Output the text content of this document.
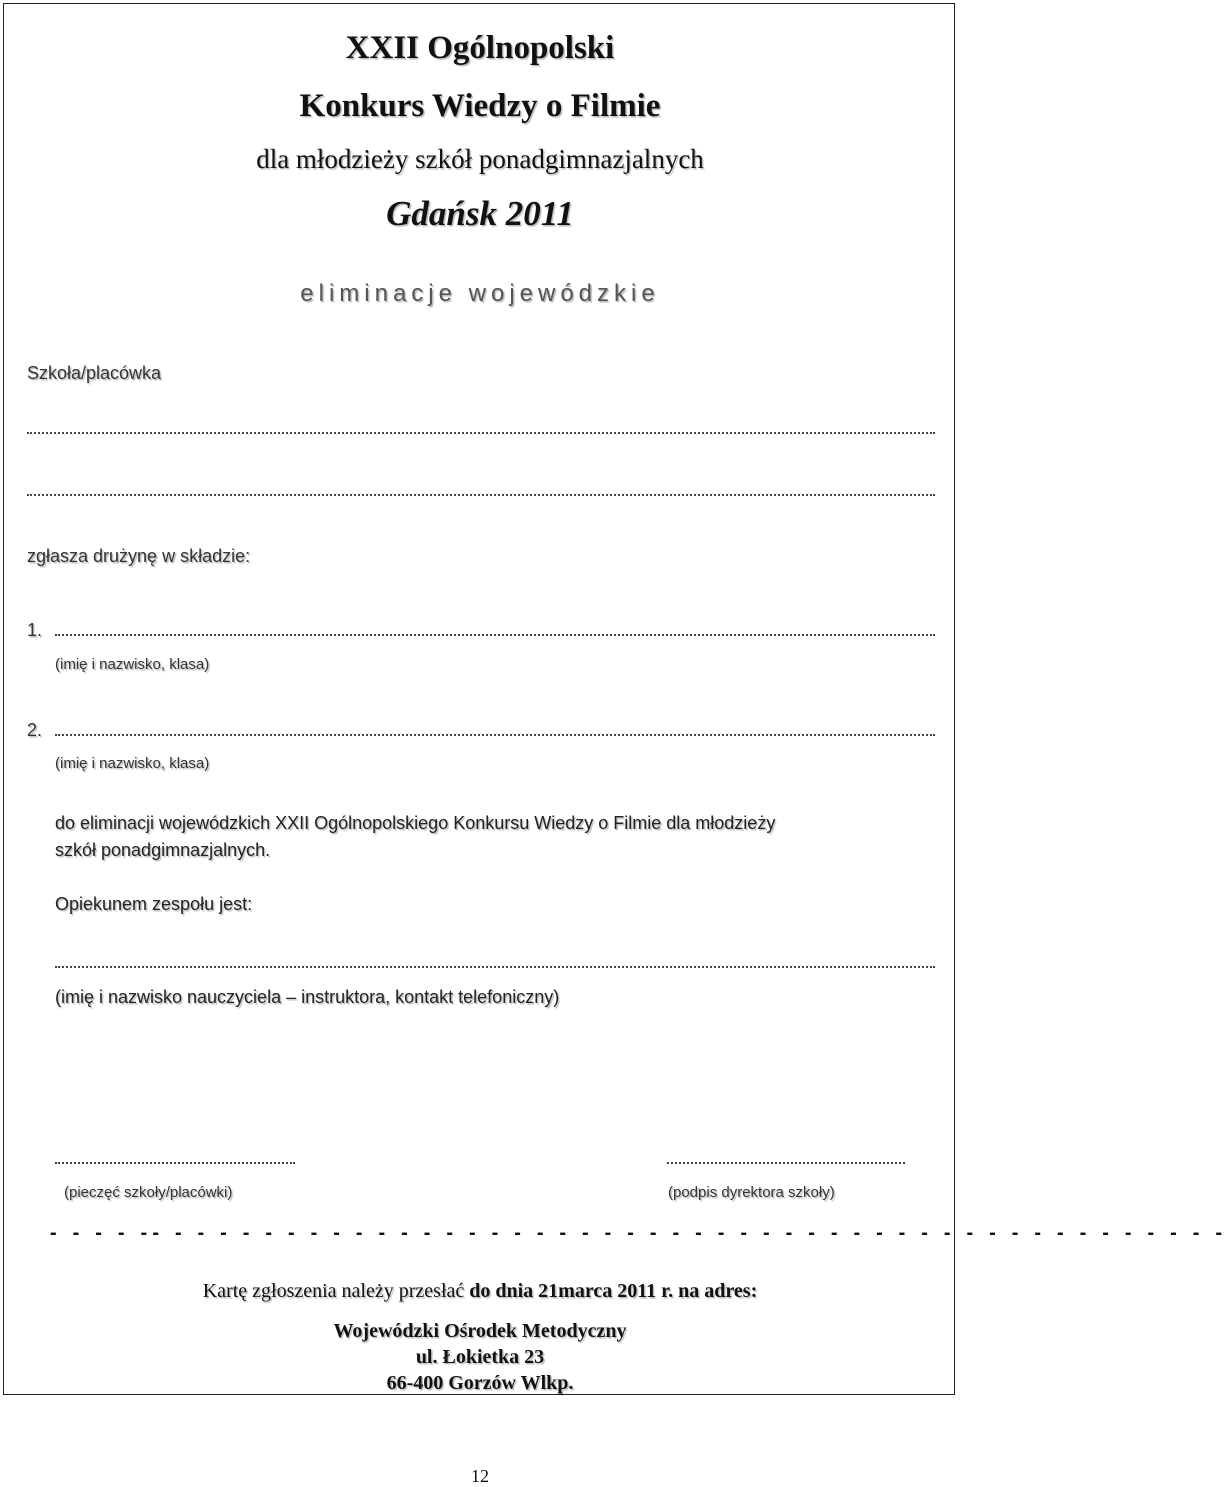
XXII Ogólnopolski
Konkurs Wiedzy o Filmie
dla młodzieży szkół ponadgimnazjalnych
Gdańsk 2011
eliminacje wojewódzkie
Szkoła/placówka
zgłasza drużynę w składzie:
1.
(imię i nazwisko, klasa)
2.
(imię i nazwisko, klasa)
do eliminacji wojewódzkich XXII Ogólnopolskiego Konkursu Wiedzy o Filmie dla młodzieży
szkół ponadgimnazjalnych.
Opiekunem zespołu jest:
(imię i nazwisko nauczyciela – instruktora, kontakt telefoniczny)
(pieczęć szkoły/placówki)	(podpis dyrektora szkoły)
- - - - -- - - - - - - - - - - - - - - - - - - - - - - - - - - - - - - - - - - - - - - - - - - - - - - -
Kartę zgłoszenia należy przesłać do dnia 21marca 2011 r. na adres:
Wojewódzki Ośrodek Metodyczny
ul. Łokietka 23
66-400 Gorzów Wlkp.
12
